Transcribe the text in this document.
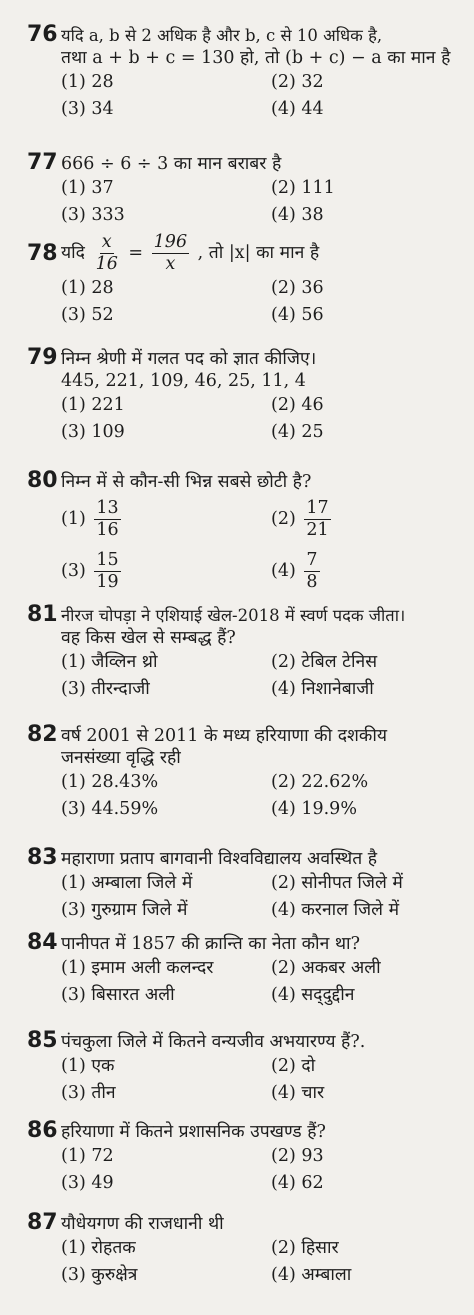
76 यदि a, b से 2 अधिक है और b, c से 10 अधिक है,
तथा a + b + c = 130 हो, तो (b + c) − a का मान है
(1) 28	(2) 32
(3) 34	(4) 44
77 666 ÷ 6 ÷ 3 का मान बराबर है
(1) 37	(2) 111
(3) 333	(4) 38
78 यदि $\frac{x}{16} = \frac{196}{x}$ , तो |x| का मान है
(1) 28	(2) 36
(3) 52	(4) 56
79 निम्न श्रेणी में गलत पद को ज्ञात कीजिए।
445, 221, 109, 46, 25, 11, 4
(1) 221	(2) 46
(3) 109	(4) 25
80 निम्न में से कौन-सी भिन्न सबसे छोटी है?
$(1) \frac{13}{16}$	$(2) \frac{17}{21}$
$(3) \frac{15}{19}$	$(4) \frac{7}{8}$
81 नीरज चोपड़ा ने एशियाई खेल-2018 में स्वर्ण पदक जीता।
वह किस खेल से सम्बद्ध हैं?
(1) जैव्लिन थ्रो	(2) टेबिल टेनिस
(3) तीरन्दाजी	(4) निशानेबाजी
82 वर्ष 2001 से 2011 के मध्य हरियाणा की दशकीय
जनसंख्या वृद्धि रही
(1) 28.43%	(2) 22.62%
(3) 44.59%	(4) 19.9%
83 महाराणा प्रताप बागवानी विश्वविद्यालय अवस्थित है
(1) अम्बाला जिले में	(2) सोनीपत जिले में
(3) गुरुग्राम जिले में	(4) करनाल जिले में
84 पानीपत में 1857 की क्रान्ति का नेता कौन था?
(1) इमाम अली कलन्दर	(2) अकबर अली
(3) बिसारत अली	(4) सद्‌दुद्दीन
85 पंचकुला जिले में कितने वन्यजीव अभयारण्य हैं?.
(1) एक	(2) दो
(3) तीन	(4) चार
86 हरियाणा में कितने प्रशासनिक उपखण्ड हैं?
(1) 72	(2) 93
(3) 49	(4) 62
87 यौधेयगण की राजधानी थी
(1) रोहतक	(2) हिसार
(3) कुरुक्षेत्र	(4) अम्बाला
